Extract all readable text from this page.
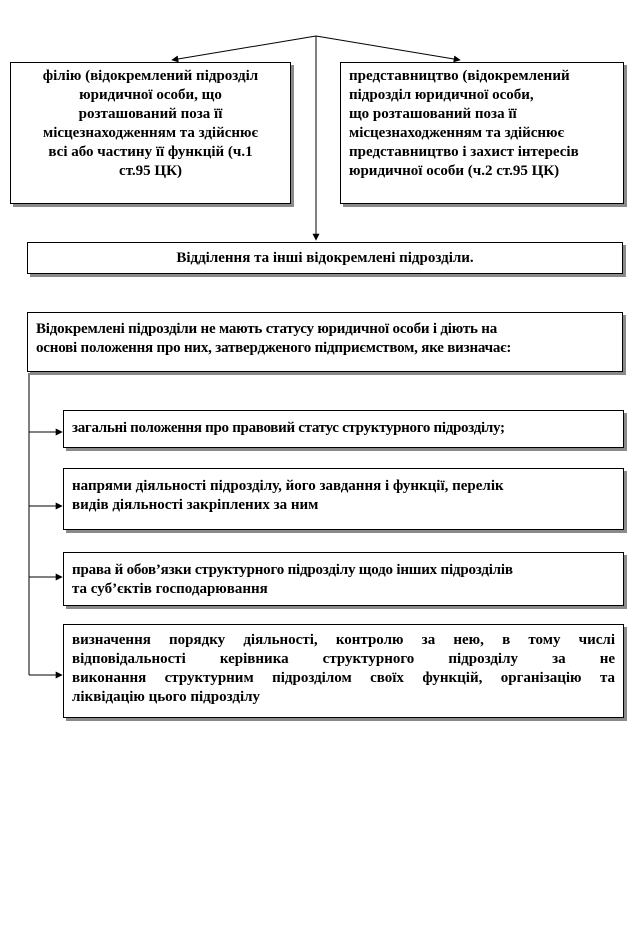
філію (відокремлений підрозділ
юридичної особи, що
розташований поза її
місцезнаходженням та здійснює
всі або частину її функцій (ч.1
ст.95 ЦК)
представництво (відокремлений
підрозділ юридичної особи,
що розташований поза її
місцезнаходженням та здійснює
представництво і захист інтересів
юридичної особи (ч.2 ст.95 ЦК)
Відділення та інші відокремлені підрозділи.
Відокремлені підрозділи не мають статусу юридичної особи і діють на
основі положення про них, затвердженого підприємством, яке визначає:
загальні положення про правовий статус структурного підрозділу;
напрями діяльності підрозділу, його завдання і функції, перелік
видів діяльності закріплених за ним
права й обов’язки структурного підрозділу щодо інших підрозділів
та суб’єктів господарювання
визначення порядку діяльності, контролю за нею, в тому числі
відповідальності керівника структурного підрозділу за не
виконання структурним підрозділом своїх функцій, організацію та
ліквідацію цього підрозділу
